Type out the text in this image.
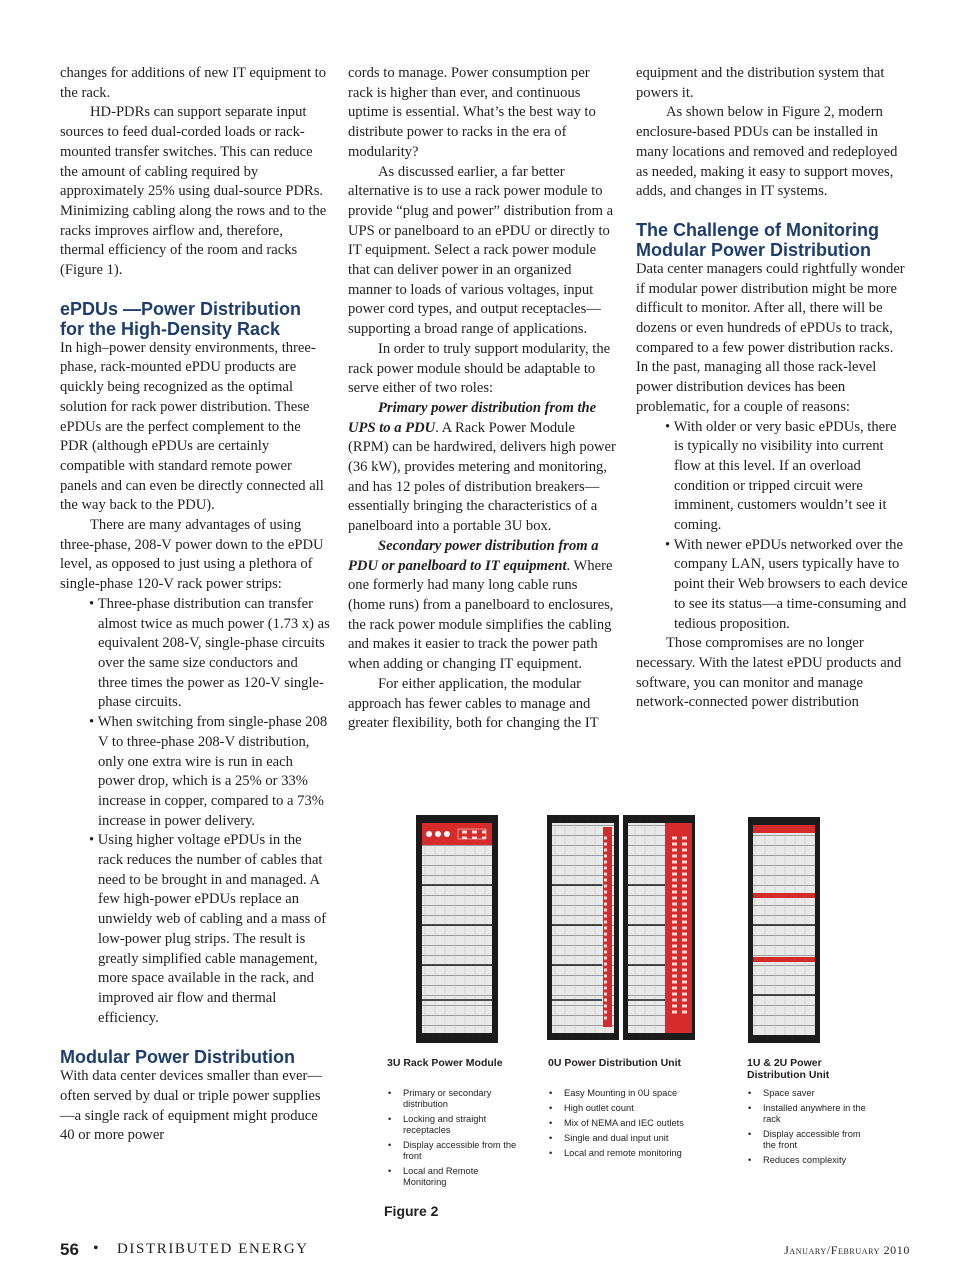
changes for additions of new IT equipment to the rack.

HD-PDRs can support separate input sources to feed dual-corded loads or rack-mounted transfer switches. This can reduce the amount of cabling required by approximately 25% using dual-source PDRs. Minimizing cabling along the rows and to the racks improves airflow and, therefore, thermal efficiency of the room and racks (Figure 1).

ePDUs —Power Distribution for the High-Density Rack

In high–power density environments, three-phase, rack-mounted ePDU products are quickly being recognized as the optimal solution for rack power distribution. These ePDUs are the perfect complement to the PDR (although ePDUs are certainly compatible with standard remote power panels and can even be directly connected all the way back to the PDU).

There are many advantages of using three-phase, 208-V power down to the ePDU level, as opposed to just using a plethora of single-phase 120-V rack power strips:

• Three-phase distribution can transfer almost twice as much power (1.73 x) as equivalent 208-V, single-phase circuits over the same size conductors and three times the power as 120-V single-phase circuits.
• When switching from single-phase 208 V to three-phase 208-V distribution, only one extra wire is run in each power drop, which is a 25% or 33% increase in copper, compared to a 73% increase in power delivery.
• Using higher voltage ePDUs in the rack reduces the number of cables that need to be brought in and managed. A few high-power ePDUs replace an unwieldy web of cabling and a mass of low-power plug strips. The result is greatly simplified cable management, more space available in the rack, and improved air flow and thermal efficiency.
Modular Power Distribution

With data center devices smaller than ever—often served by dual or triple power supplies—a single rack of equipment might produce 40 or more power

cords to manage. Power consumption per rack is higher than ever, and continuous uptime is essential. What’s the best way to distribute power to racks in the era of modularity?

As discussed earlier, a far better alternative is to use a rack power module to provide “plug and power” distribution from a UPS or panelboard to an ePDU or directly to IT equipment. Select a rack power module that can deliver power in an organized manner to loads of various voltages, input power cord types, and output receptacles—supporting a broad range of applications.

In order to truly support modularity, the rack power module should be adaptable to serve either of two roles:

Primary power distribution from the UPS to a PDU. A Rack Power Module (RPM) can be hardwired, delivers high power (36 kW), provides metering and monitoring, and has 12 poles of distribution breakers—essentially bringing the characteristics of a panelboard into a portable 3U box.

Secondary power distribution from a PDU or panelboard to IT equipment. Where one formerly had many long cable runs (home runs) from a panelboard to enclosures, the rack power module simplifies the cabling and makes it easier to track the power path when adding or changing IT equipment.

For either application, the modular approach has fewer cables to manage and greater flexibility, both for changing the IT

equipment and the distribution system that powers it.

As shown below in Figure 2, modern enclosure-based PDUs can be installed in many locations and removed and redeployed as needed, making it easy to support moves, adds, and changes in IT systems.

The Challenge of Monitoring Modular Power Distribution

Data center managers could rightfully wonder if modular power distribution might be more difficult to monitor. After all, there will be dozens or even hundreds of ePDUs to track, compared to a few power distribution racks. In the past, managing all those rack-level power distribution devices has been problematic, for a couple of reasons:

• With older or very basic ePDUs, there is typically no visibility into current flow at this level. If an overload condition or tripped circuit were imminent, customers wouldn’t see it coming.
• With newer ePDUs networked over the company LAN, users typically have to point their Web browsers to each device to see its status—a time-consuming and tedious proposition.

Those compromises are no longer necessary. With the latest ePDU products and software, you can monitor and manage network-connected power distribution

3U Rack Power Module
• Primary or secondary distribution
• Locking and straight receptacles
• Display accessible from the front
• Local and Remote Monitoring
0U Power Distribution Unit
• Easy Mounting in 0U space
• High outlet count
• Mix of NEMA and IEC outlets
• Single and dual input unit
• Local and remote monitoring
1U & 2U Power Distribution Unit
• Space saver
• Installed anywhere in the rack
• Display accessible from the front
• Reduces complexity
Figure 2
56 • DISTRIBUTED ENERGY	January/February 2010
